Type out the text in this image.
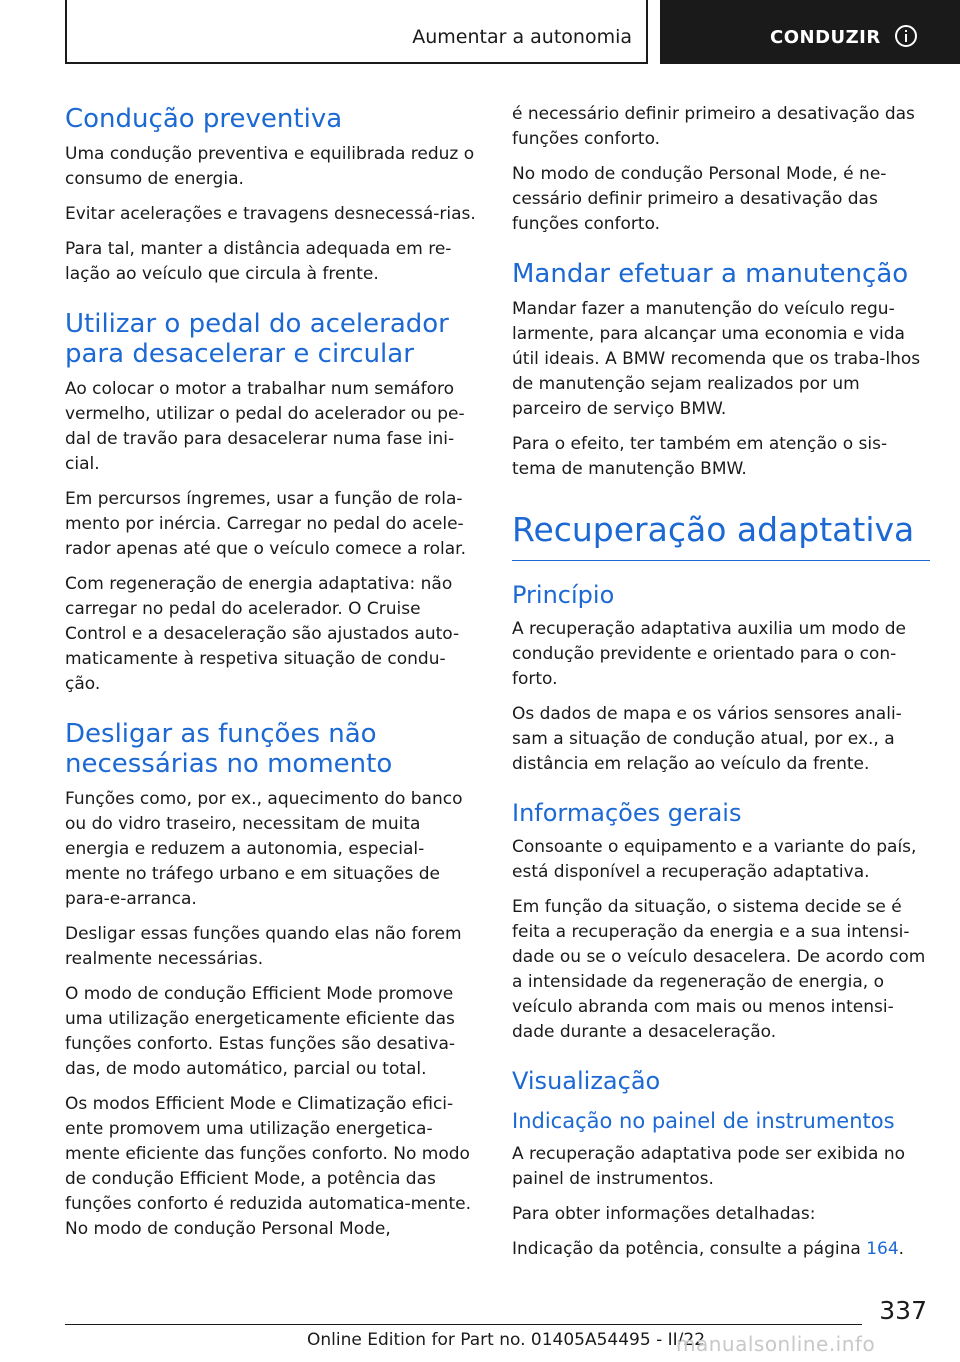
Aumentar a autonomia	CONDUZIR
Condução preventiva

Uma condução preventiva e equilibrada reduz o consumo de energia.

Evitar acelerações e travagens desnecessá-rias.

Para tal, manter a distância adequada em re-lação ao veículo que circula à frente.

Utilizar o pedal do acelerador para desacelerar e circular

Ao colocar o motor a trabalhar num semáforo vermelho, utilizar o pedal do acelerador ou pe-dal de travão para desacelerar numa fase ini-cial.

Em percursos íngremes, usar a função de rola-mento por inércia. Carregar no pedal do acele-rador apenas até que o veículo comece a rolar.

Com regeneração de energia adaptativa: não carregar no pedal do acelerador. O Cruise Control e a desaceleração são ajustados auto-maticamente à respetiva situação de condu-ção.

Desligar as funções não necessárias no momento

Funções como, por ex., aquecimento do banco ou do vidro traseiro, necessitam de muita energia e reduzem a autonomia, especial-mente no tráfego urbano e em situações de para-e-arranca.

Desligar essas funções quando elas não forem realmente necessárias.

O modo de condução Efficient Mode promove uma utilização energeticamente eficiente das funções conforto. Estas funções são desativa-das, de modo automático, parcial ou total.

Os modos Efficient Mode e Climatização efici-ente promovem uma utilização energetica-mente eficiente das funções conforto. No modo de condução Efficient Mode, a potência das funções conforto é reduzida automatica-mente. No modo de condução Personal Mode,

é necessário definir primeiro a desativação das funções conforto.

No modo de condução Personal Mode, é ne-cessário definir primeiro a desativação das funções conforto.

Mandar efetuar a manutenção

Mandar fazer a manutenção do veículo regu-larmente, para alcançar uma economia e vida útil ideais. A BMW recomenda que os traba-lhos de manutenção sejam realizados por um parceiro de serviço BMW.

Para o efeito, ter também em atenção o sis-tema de manutenção BMW.

Recuperação adaptativa
Princípio

A recuperação adaptativa auxilia um modo de condução previdente e orientado para o con-forto.

Os dados de mapa e os vários sensores anali-sam a situação de condução atual, por ex., a distância em relação ao veículo da frente.

Informações gerais

Consoante o equipamento e a variante do país, está disponível a recuperação adaptativa.

Em função da situação, o sistema decide se é feita a recuperação da energia e a sua intensi-dade ou se o veículo desacelera. De acordo com a intensidade da regeneração de energia, o veículo abranda com mais ou menos intensi-dade durante a desaceleração.

Visualização
Indicação no painel de instrumentos

A recuperação adaptativa pode ser exibida no painel de instrumentos.

Para obter informações detalhadas:

Indicação da potência, consulte a página 164.

337
Online Edition for Part no. 01405A54495 - II/22
manualsonline.info
